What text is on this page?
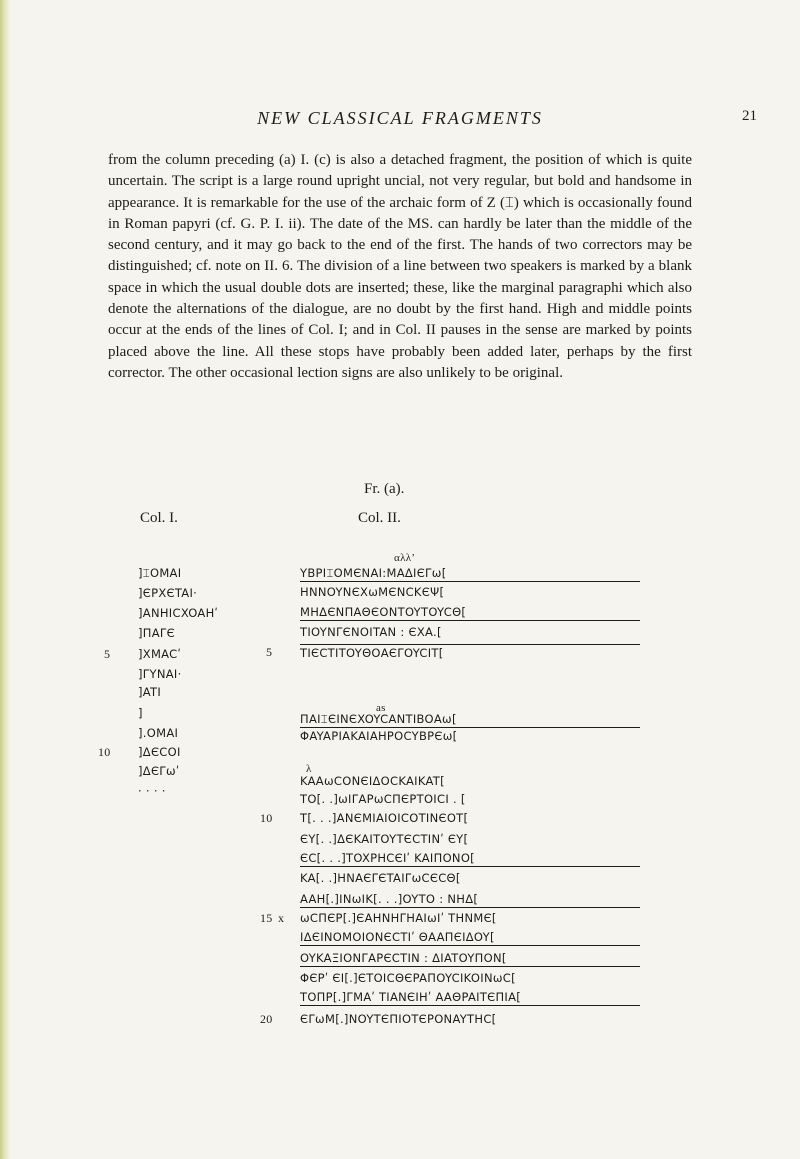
NEW CLASSICAL FRAGMENTS	21
from the column preceding (a) I. (c) is also a detached fragment, the position of which is quite uncertain. The script is a large round upright uncial, not very regular, but bold and handsome in appearance. It is remarkable for the use of the archaic form of Z (⌶) which is occasionally found in Roman papyri (cf. G. P. I. ii). The date of the MS. can hardly be later than the middle of the second century, and it may go back to the end of the first. The hands of two correctors may be distinguished; cf. note on II. 6. The division of a line between two speakers is marked by a blank space in which the usual double dots are inserted; these, like the marginal paragraphi which also denote the alternations of the dialogue, are no doubt by the first hand. High and middle points occur at the ends of the lines of Col. I; and in Col. II pauses in the sense are marked by points placed above the line. All these stops have probably been added later, perhaps by the first corrector. The other occasional lection signs are also unlikely to be original.
Fr. (a).
Col. I.	Col. II.
]⌶OMAI
]ЄPXЄTAI·
]ANHICXOAHʹ
]ΠAΓЄ
]XMACʹ
]ΓYNAI·
]ATI
]
].OMAI
]ΔЄCOI
]ΔЄΓωʹ
· · · ·
5
10
αλλ’
as
λ
YBPI⌶OMЄNAI:MΑΔIЄΓω[
HNNOYNЄXωMЄNCKЄΨ[
MHΔЄNΠΑΘЄONTOYTOYCΘ[
TIOYNΓЄNOITAN : ЄXA.[
TIЄCTITOYΘOΑЄΓOYCIT[
ΠAI⌶ЄINЄXOYCANTIBOΑω[
ΦAYAPIAKAIAHPOCYBPЄω[
KAΑωCONЄIΔOCKAIKAT[
TO[. .]ωIΓAPωCΠЄPTOICI . [
T[. . .]ANЄMIAIOICOTINЄOT[
ЄY[. .]ΔЄKAITOYTЄCTINʹ ЄY[
ЄC[. . .]TOXPHCЄIʹ KAIΠONO[
KA[. .]HNAЄΓЄTAIΓωCЄCΘ[
AAH[.]INωIK[. . .]OYTO : NHΔ[
ωCΠЄP[.]ЄAHNHΓHAIωIʹ THNMЄ[
IΔЄINOMOIONЄCTIʹ ΘAAΠЄIΔOY[
OYKAΞIONΓAPЄCTIN : ΔIATOYΠON[
ΦЄPʹ ЄI[.]ЄTOICΘЄPAΠOYCIKOINωC[
TOΠP[.]ΓMAʹ TIANЄIHʹ AAΘPAITЄΠIA[
ЄΓωM[.]NOYTЄΠIOTЄPONAYTHC[
x
5
10
15
20
